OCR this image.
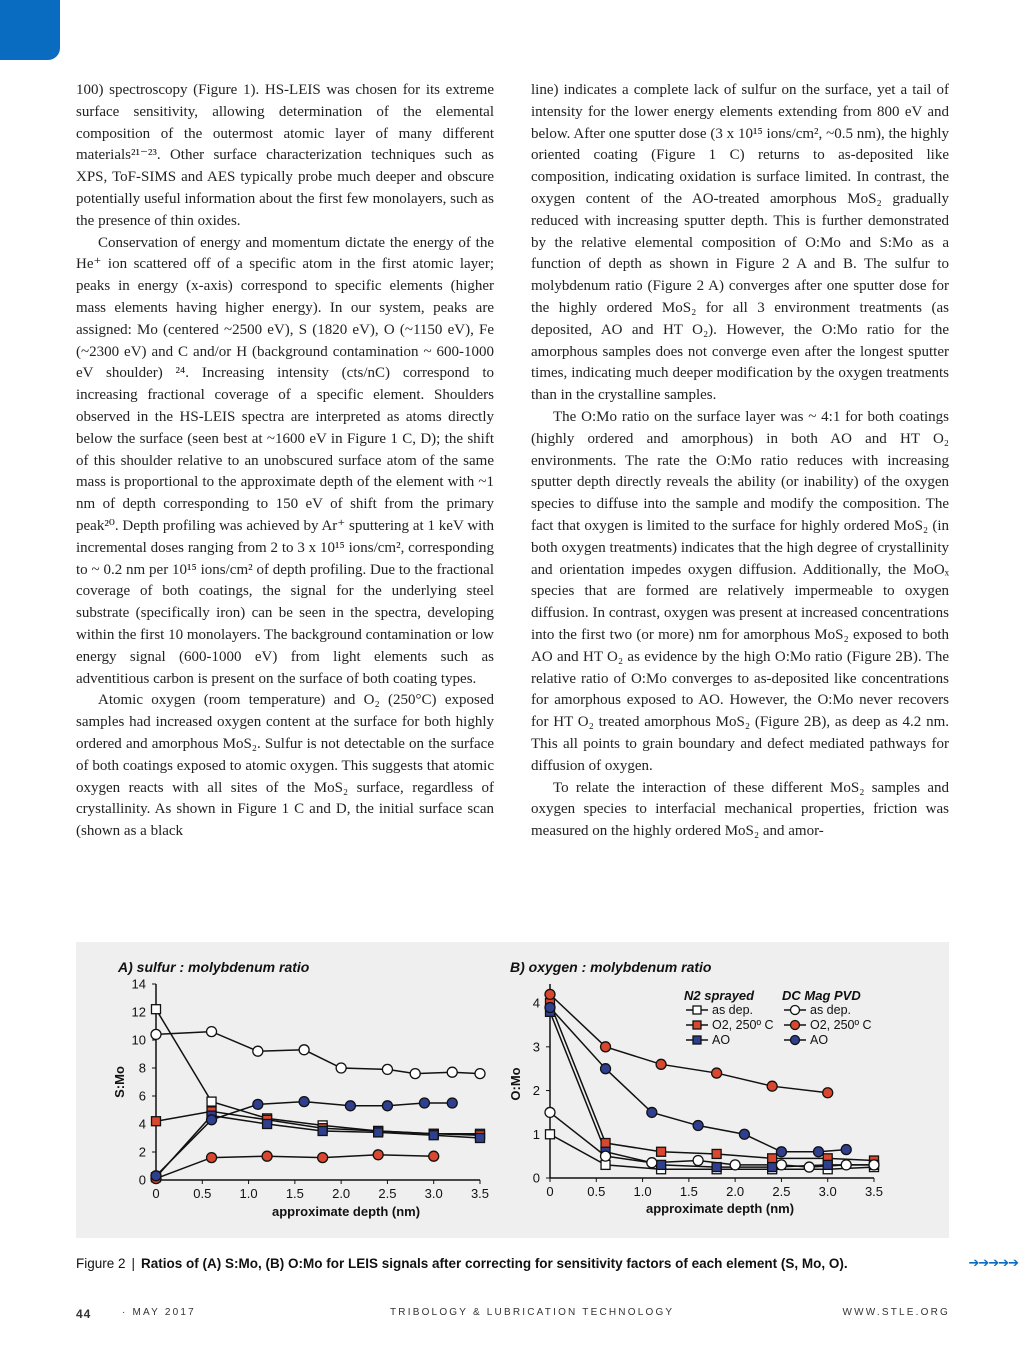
100) spectroscopy (Figure 1). HS-LEIS was chosen for its extreme surface sensitivity, allowing determination of the elemental composition of the outermost atomic layer of many different materials²¹⁻²³. Other surface characterization techniques such as XPS, ToF-SIMS and AES typically probe much deeper and obscure potentially useful information about the first few monolayers, such as the presence of thin oxides.

Conservation of energy and momentum dictate the energy of the He⁺ ion scattered off of a specific atom in the first atomic layer; peaks in energy (x-axis) correspond to specific elements (higher mass elements having higher energy). In our system, peaks are assigned: Mo (centered ~2500 eV), S (1820 eV), O (~1150 eV), Fe (~2300 eV) and C and/or H (background contamination ~ 600-1000 eV shoulder) ²⁴. Increasing intensity (cts/nC) correspond to increasing fractional coverage of a specific element. Shoulders observed in the HS-LEIS spectra are interpreted as atoms directly below the surface (seen best at ~1600 eV in Figure 1 C, D); the shift of this shoulder relative to an unobscured surface atom of the same mass is proportional to the approximate depth of the element with ~1 nm of depth corresponding to 150 eV of shift from the primary peak²⁰. Depth profiling was achieved by Ar⁺ sputtering at 1 keV with incremental doses ranging from 2 to 3 x 10¹⁵ ions/cm², corresponding to ~ 0.2 nm per 10¹⁵ ions/cm² of depth profiling. Due to the fractional coverage of both coatings, the signal for the underlying steel substrate (specifically iron) can be seen in the spectra, developing within the first 10 monolayers. The background contamination or low energy signal (600-1000 eV) from light elements such as adventitious carbon is present on the surface of both coating types.

Atomic oxygen (room temperature) and O₂ (250°C) exposed samples had increased oxygen content at the surface for both highly ordered and amorphous MoS₂. Sulfur is not detectable on the surface of both coatings exposed to atomic oxygen. This suggests that atomic oxygen reacts with all sites of the MoS₂ surface, regardless of crystallinity. As shown in Figure 1 C and D, the initial surface scan (shown as a black

line) indicates a complete lack of sulfur on the surface, yet a tail of intensity for the lower energy elements extending from 800 eV and below. After one sputter dose (3 x 10¹⁵ ions/cm², ~0.5 nm), the highly oriented coating (Figure 1 C) returns to as-deposited like composition, indicating oxidation is surface limited. In contrast, the oxygen content of the AO-treated amorphous MoS₂ gradually reduced with increasing sputter depth. This is further demonstrated by the relative elemental composition of O:Mo and S:Mo as a function of depth as shown in Figure 2 A and B. The sulfur to molybdenum ratio (Figure 2 A) converges after one sputter dose for the highly ordered MoS₂ for all 3 environment treatments (as deposited, AO and HT O₂). However, the O:Mo ratio for the amorphous samples does not converge even after the longest sputter times, indicating much deeper modification by the oxygen treatments than in the crystalline samples.

The O:Mo ratio on the surface layer was ~ 4:1 for both coatings (highly ordered and amorphous) in both AO and HT O₂ environments. The rate the O:Mo ratio reduces with increasing sputter depth directly reveals the ability (or inability) of the oxygen species to diffuse into the sample and modify the composition. The fact that oxygen is limited to the surface for highly ordered MoS₂ (in both oxygen treatments) indicates that the high degree of crystallinity and orientation impedes oxygen diffusion. Additionally, the MoOₓ species that are formed are relatively impermeable to oxygen diffusion. In contrast, oxygen was present at increased concentrations into the first two (or more) nm for amorphous MoS₂ exposed to both AO and HT O₂ as evidence by the high O:Mo ratio (Figure 2B). The relative ratio of O:Mo converges to as-deposited like concentrations for amorphous exposed to AO. However, the O:Mo never recovers for HT O₂ treated amorphous MoS₂ (Figure 2B), as deep as 4.2 nm. This all points to grain boundary and defect mediated pathways for diffusion of oxygen.

To relate the interaction of these different MoS₂ samples and oxygen species to interfacial mechanical properties, friction was measured on the highly ordered MoS₂ and amor-

A) sulfur : molybdenum ratio
approximate depth (nm)
S:Mo
0	0.5 1.0 1.5 2.0 2.5 3.0 3.5
0
2
4
6
8
10
12
14
B) oxygen : molybdenum ratio
approximate depth (nm)
O:Mo
0	0.5 1.0 1.5 2.0 2.5 3.0 3.5
0
1
2
3
4
N2 sprayed DC Mag PVD
as dep.
O2, 250º C
AO
as dep.
O2, 250º C
AO
Figure 2 | Ratios of (A) S:Mo, (B) O:Mo for LEIS signals after correcting for sensitivity factors of each element (S, Mo, O).	➔➔➔➔➔
44	· MAY 2017	TRIBOLOGY & LUBRICATION TECHNOLOGY	WWW.STLE.ORG
